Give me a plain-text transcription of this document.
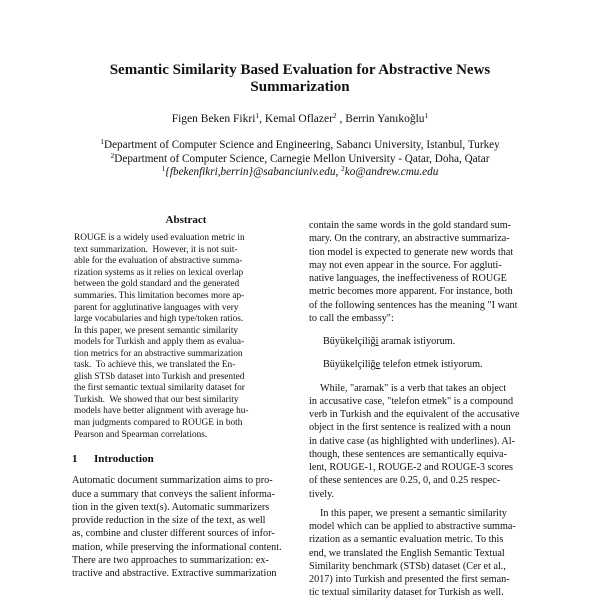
Semantic Similarity Based Evaluation for Abstractive News
Summarization
Figen Beken Fikri$^1$, Kemal Oflazer$^2$ , Berrin Yanıkoğlu$^1$
$^1$Department of Computer Science and Engineering, Sabancı University, Istanbul, Turkey
$^2$Department of Computer Science, Carnegie Mellon University - Qatar, Doha, Qatar
$^1${fbekenfikri,berrin}@sabanciuniv.edu, $^2$ko@andrew.cmu.edu
Abstract
ROUGE is a widely used evaluation metric in
text summarization.  However, it is not suit-
able for the evaluation of abstractive summa-
rization systems as it relies on lexical overlap
between the gold standard and the generated
summaries. This limitation becomes more ap-
parent for agglutinative languages with very
large vocabularies and high type/token ratios.
In this paper, we present semantic similarity
models for Turkish and apply them as evalua-
tion metrics for an abstractive summarization
task.  To achieve this, we translated the En-
glish STSb dataset into Turkish and presented
the first semantic textual similarity dataset for
Turkish.  We showed that our best similarity
models have better alignment with average hu-
man judgments compared to ROUGE in both
Pearson and Spearman correlations.
1 Introduction
Automatic document summarization aims to pro-
duce a summary that conveys the salient informa-
tion in the given text(s). Automatic summarizers
provide reduction in the size of the text, as well
as, combine and cluster different sources of infor-
mation, while preserving the informational content.
There are two approaches to summarization: ex-
tractive and abstractive. Extractive summarization
contain the same words in the gold standard sum-
mary. On the contrary, an abstractive summariza-
tion model is expected to generate new words that
may not even appear in the source. For aggluti-
native languages, the ineffectiveness of ROUGE
metric becomes more apparent. For instance, both
of the following sentences has the meaning "I want
to call the embassy":
Büyükelçiliği aramak istiyorum.
Büyükelçiliğe telefon etmek istiyorum.
While, "aramak" is a verb that takes an object
in accusative case, "telefon etmek" is a compound
verb in Turkish and the equivalent of the accusative
object in the first sentence is realized with a noun
in dative case (as highlighted with underlines). Al-
though, these sentences are semantically equiva-
lent, ROUGE-1, ROUGE-2 and ROUGE-3 scores
of these sentences are 0.25, 0, and 0.25 respec-
tively.
In this paper, we present a semantic similarity
model which can be applied to abstractive summa-
rization as a semantic evaluation metric. To this
end, we translated the English Semantic Textual
Similarity benchmark (STSb) dataset (Cer et al.,
2017) into Turkish and presented the first seman-
tic textual similarity dataset for Turkish as well.
